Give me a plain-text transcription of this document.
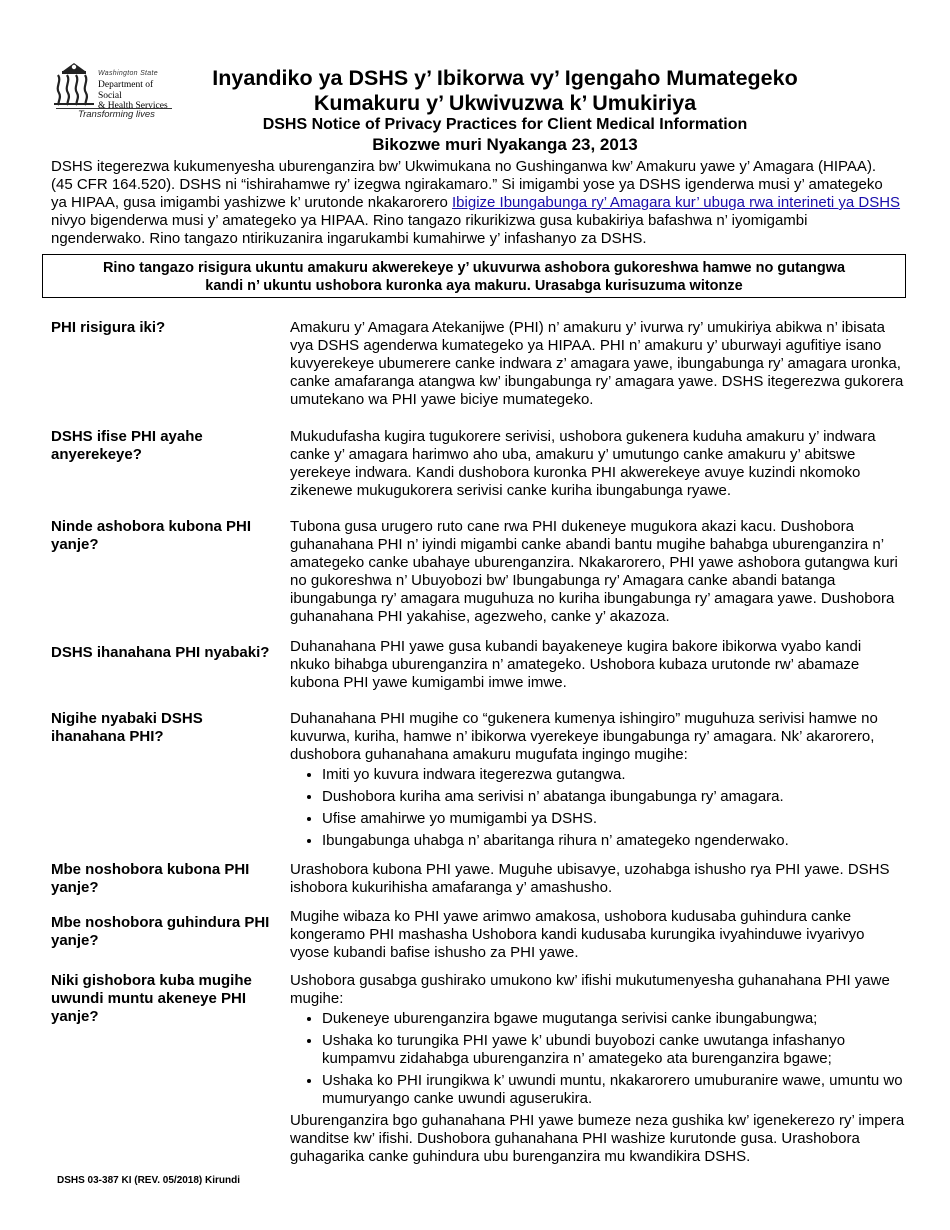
Washington State
Department of Social
& Health Services
Transforming lives
Inyandiko ya DSHS y’ Ibikorwa vy’ Igengaho Mumategeko
Kumakuru y’ Ukwivuzwa k’ Umukiriya
DSHS Notice of Privacy Practices for Client Medical Information
Bikozwe muri Nyakanga 23, 2013
DSHS itegerezwa kukumenyesha uburenganzira bw’ Ukwimukana no Gushinganwa kw’ Amakuru yawe y’ Amagara (HIPAA). (45 CFR 164.520). DSHS ni “ishirahamwe ry’ izegwa ngirakamaro.” Si imigambi yose ya DSHS igenderwa musi y’ amategeko ya HIPAA, gusa imigambi yashizwe k’ urutonde nkakarorero Ibigize Ibungabunga ry’ Amagara kur’ ubuga rwa interineti ya DSHS nivyo bigenderwa musi y’ amategeko ya HIPAA. Rino tangazo rikurikizwa gusa kubakiriya bafashwa n’ iyomigambi ngenderwako. Rino tangazo ntirikuzanira ingarukambi kumahirwe y’ infashanyo za DSHS.
Rino tangazo risigura ukuntu amakuru akwerekeye y’ ukuvurwa ashobora gukoreshwa hamwe no gutangwa
kandi n’ ukuntu ushobora kuronka aya makuru. Urasabga kurisuzuma witonze
PHI risigura iki?	Amakuru y’ Amagara Atekanijwe (PHI) n’ amakuru y’ ivurwa ry’ umukiriya abikwa n’ ibisata vya DSHS agenderwa kumategeko ya HIPAA. PHI n’ amakuru y’ uburwayi agufitiye isano kuvyerekeye ubumerere canke indwara z’ amagara yawe, ibungabunga ry’ amagara uronka, canke amafaranga atangwa kw’ ibungabunga ry’ amagara yawe. DSHS itegerezwa gukorera umutekano wa PHI yawe biciye mumategeko.
DSHS ifise PHI ayahe anyerekeye?
Mukudufasha kugira tugukorere serivisi, ushobora gukenera kuduha amakuru y’ indwara canke y’ amagara harimwo aho uba, amakuru y’ umutungo canke amakuru y’ abitswe yerekeye indwara. Kandi dushobora kuronka PHI akwerekeye avuye kuzindi nkomoko zikenewe mukugukorera serivisi canke kuriha ibungabunga ryawe.
Ninde ashobora kubona PHI yanje?
Tubona gusa urugero ruto cane rwa PHI dukeneye mugukora akazi kacu. Dushobora guhanahana PHI n’ iyindi migambi canke abandi bantu mugihe bahabga uburenganzira n’ amategeko canke ubahaye uburenganzira. Nkakarorero, PHI yawe ashobora gutangwa kuri no gukoreshwa n’ Ubuyobozi bw’ Ibungabunga ry’ Amagara canke abandi batanga ibungabunga ry’ amagara muguhuza no kuriha ibungabunga ry’ amagara yawe. Dushobora guhanahana PHI yakahise, agezweho, canke y’ akazoza.
DSHS ihanahana PHI nyabaki?	Duhanahana PHI yawe gusa kubandi bayakeneye kugira bakore ibikorwa vyabo kandi nkuko bihabga uburenganzira n’ amategeko. Ushobora kubaza urutonde rw’ abamaze kubona PHI yawe kumigambi imwe imwe.
Nigihe nyabaki DSHS ihanahana PHI?
Duhanahana PHI mugihe co “gukenera kumenya ishingiro” muguhuza serivisi hamwe no kuvurwa, kuriha, hamwe n’ ibikorwa vyerekeye ibungabunga ry’ amagara. Nk’ akarorero, dushobora guhanahana amakuru mugufata ingingo mugihe:
• Imiti yo kuvura indwara itegerezwa gutangwa.
• Dushobora kuriha ama serivisi n’ abatanga ibungabunga ry’ amagara.
• Ufise amahirwe yo mumigambi ya DSHS.
• Ibungabunga uhabga n’ abaritanga rihura n’ amategeko ngenderwako.
Mbe noshobora kubona PHI yanje?
Urashobora kubona PHI yawe. Muguhe ubisavye, uzohabga ishusho rya PHI yawe. DSHS ishobora kukurihisha amafaranga y’ amashusho.
Mbe noshobora guhindura PHI yanje?
Mugihe wibaza ko PHI yawe arimwo amakosa, ushobora kudusaba guhindura canke kongeramo PHI mashasha Ushobora kandi kudusaba kurungika ivyahinduwe ivyarivyo vyose kubandi bafise ishusho za PHI yawe.
Niki gishobora kuba mugihe uwundi muntu akeneye PHI yanje?
Ushobora gusabga gushirako umukono kw’ ifishi mukutumenyesha guhanahana PHI yawe mugihe:
• Dukeneye uburenganzira bgawe mugutanga serivisi canke ibungabungwa;
• Ushaka ko turungika PHI yawe k’ ubundi buyobozi canke uwutanga infashanyo kumpamvu zidahabga uburenganzira n’ amategeko ata burenganzira bgawe;
• Ushaka ko PHI irungikwa k’ uwundi muntu, nkakarorero umuburanire wawe, umuntu wo mumuryango canke uwundi aguserukira.
Uburenganzira bgo guhanahana PHI yawe bumeze neza gushika kw’ igenekerezo ry’ impera wanditse kw’ ifishi. Dushobora guhanahana PHI washize kurutonde gusa. Urashobora guhagarika canke guhindura ubu burenganzira mu kwandikira DSHS.
DSHS 03-387 KI (REV. 05/2018) Kirundi
